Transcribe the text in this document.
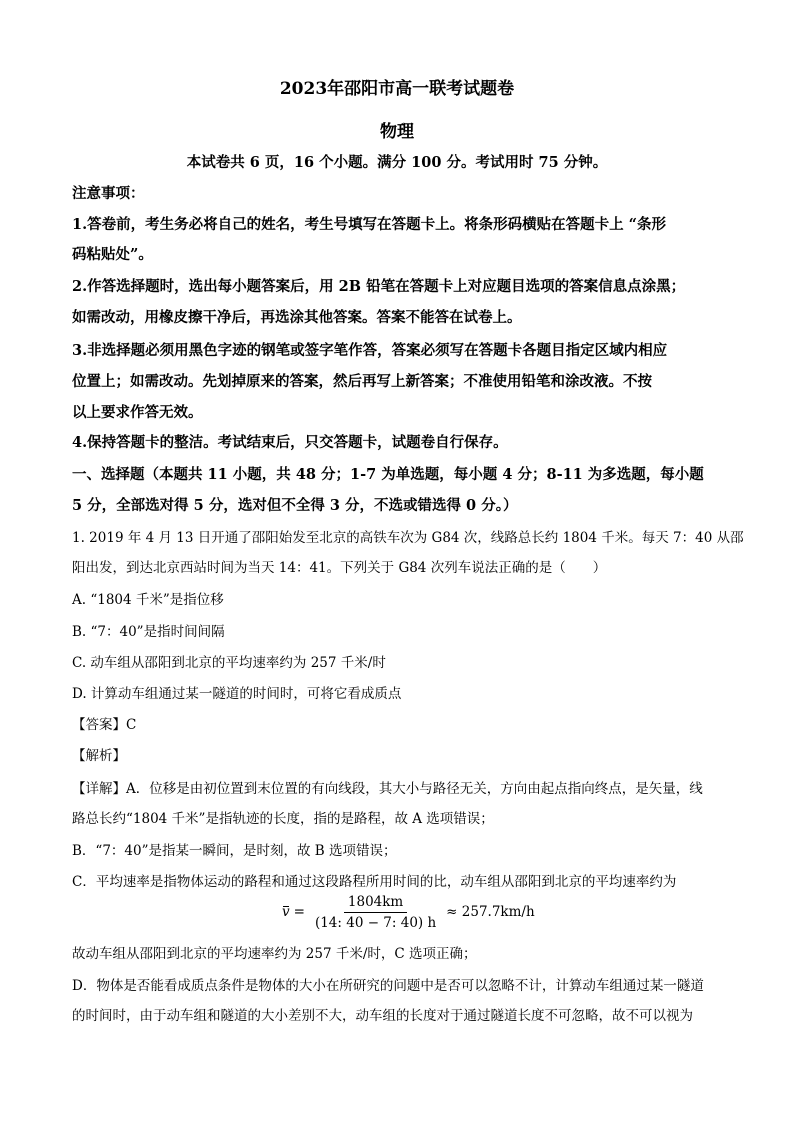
2023年邵阳市高一联考试题卷
物理
本试卷共 6 页，16 个小题。满分 100 分。考试用时 75 分钟。
注意事项：
1.答卷前，考生务必将自己的姓名，考生号填写在答题卡上。将条形码横贴在答题卡上 “条形
码粘贴处”。
2.作答选择题时，选出每小题答案后，用 2B 铅笔在答题卡上对应题目选项的答案信息点涂黑；
如需改动，用橡皮擦干净后，再选涂其他答案。答案不能答在试卷上。
3.非选择题必须用黑色字迹的钢笔或签字笔作答，答案必须写在答题卡各题目指定区域内相应
位置上；如需改动。先划掉原来的答案，然后再写上新答案；不准使用铅笔和涂改液。不按
以上要求作答无效。
4.保持答题卡的整洁。考试结束后，只交答题卡，试题卷自行保存。
一、选择题（本题共 11 小题，共 48 分；1-7 为单选题，每小题 4 分；8-11 为多选题，每小题
5 分，全部选对得 5 分，选对但不全得 3 分，不选或错选得 0 分。）
1. 2019 年 4 月 13 日开通了邵阳始发至北京的高铁车次为 G84 次，线路总长约 1804 千米。每天 7：40 从邵
阳出发，到达北京西站时间为当天 14：41。下列关于 G84 次列车说法正确的是（　　）
A. “1804 千米”是指位移
B. “7：40”是指时间间隔
C. 动车组从邵阳到北京的平均速率约为 257 千米/时
D. 计算动车组通过某一隧道的时间时，可将它看成质点
【答案】C
【解析】
【详解】A．位移是由初位置到末位置的有向线段，其大小与路径无关，方向由起点指向终点，是矢量，线
路总长约“1804 千米”是指轨迹的长度，指的是路程，故 A 选项错误；
B．“7：40”是指某一瞬间，是时刻，故 B 选项错误；
C．平均速率是指物体运动的路程和通过这段路程所用时间的比，动车组从邵阳到北京的平均速率约为
$v = \frac{1804km}{(14: 40 - 7: 40) h} \approx 257.7km/h$
故动车组从邵阳到北京的平均速率约为 257 千米/时，C 选项正确；
D．物体是否能看成质点条件是物体的大小在所研究的问题中是否可以忽略不计，计算动车组通过某一隧道
的时间时，由于动车组和隧道的大小差别不大，动车组的长度对于通过隧道长度不可忽略，故不可以视为
